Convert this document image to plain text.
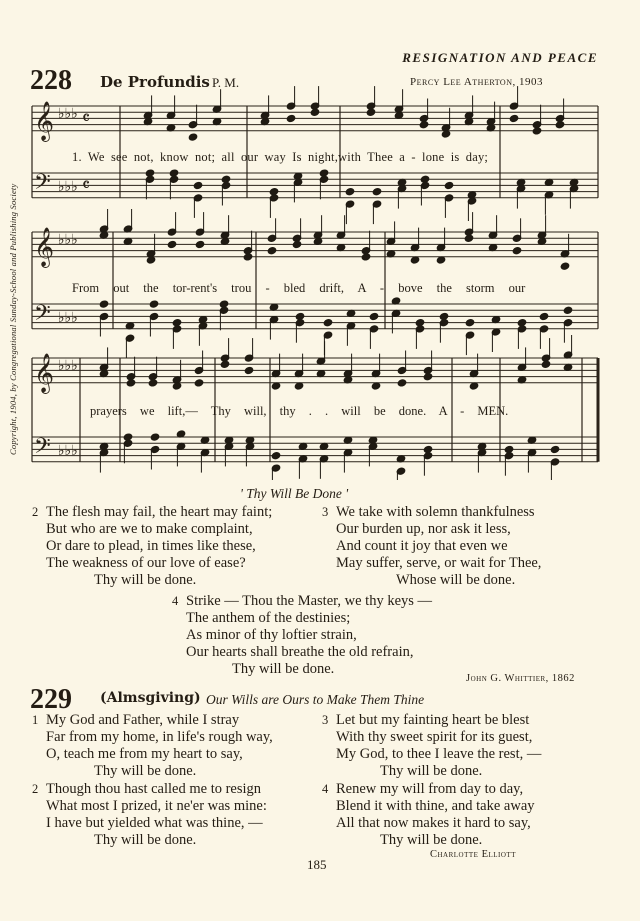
RESIGNATION AND PEACE
228 De Profundis P. M.	Percy Lee Atherton, 1903
Copyright, 1904, by Congregational Sunday-School and Publishing Society
𝄞 ♭♭♭ 𝄴
𝄢 ♭♭♭ 𝄴
𝄞 ♭♭♭
𝄢 ♭♭♭
𝄞 ♭♭♭
𝄢 ♭♭♭
1. We see not, know not; all our way Is night,with Thee a - lone is day;
From out the tor-rent's trou - bled drift, A - bove the storm our
prayers we lift,— Thy will, thy . . will be done. A - MEN.
' Thy Will Be Done '
2 The flesh may fail, the heart may faint;
But who are we to make complaint,
Or dare to plead, in times like these,
The weakness of our love of ease?
Thy will be done.
3 We take with solemn thankfulness
Our burden up, nor ask it less,
And count it joy that even we
May suffer, serve, or wait for Thee,
Whose will be done.
4 Strike — Thou the Master, we thy keys —
The anthem of the destinies;
As minor of thy loftier strain,
Our hearts shall breathe the old refrain,
Thy will be done.
John G. Whittier, 1862
229 (Almsgiving) Our Wills are Ours to Make Them Thine
1 My God and Father, while I stray
Far from my home, in life's rough way,
O, teach me from my heart to say,
Thy will be done.
3 Let but my fainting heart be blest
With thy sweet spirit for its guest,
My God, to thee I leave the rest, —
Thy will be done.
2 Though thou hast called me to resign
What most I prized, it ne'er was mine:
I have but yielded what was thine, —
Thy will be done.
4 Renew my will from day to day,
Blend it with thine, and take away
All that now makes it hard to say,
Thy will be done.
Charlotte Elliott
185
